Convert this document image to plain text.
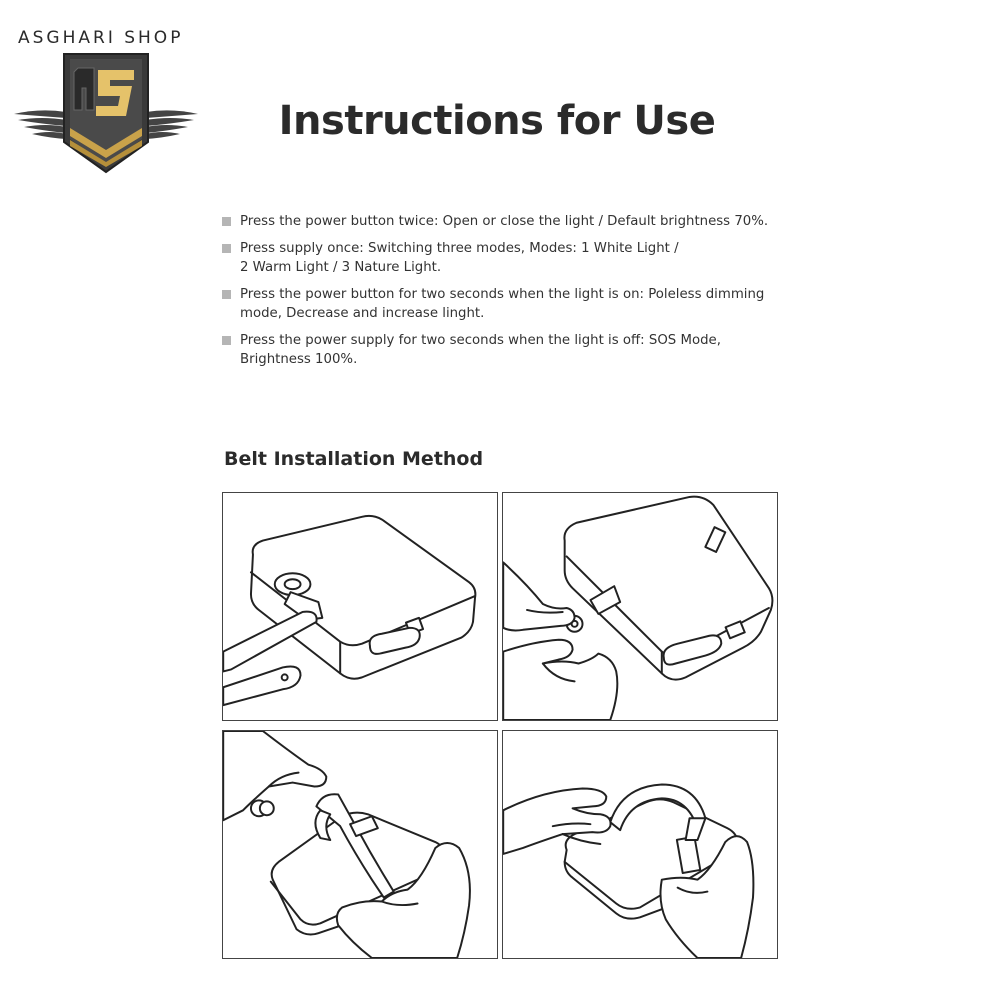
ASGHARI SHOP
Instructions for Use
Press the power button twice: Open or close the light / Default brightness 70%.
Press supply once: Switching three modes, Modes: 1 White Light /
2 Warm Light / 3 Nature Light.
Press the power button for two seconds when the light is on: Poleless dimming
mode, Decrease and increase linght.
Press the power supply for two seconds when the light is off: SOS Mode,
Brightness 100%.
Belt Installation Method
